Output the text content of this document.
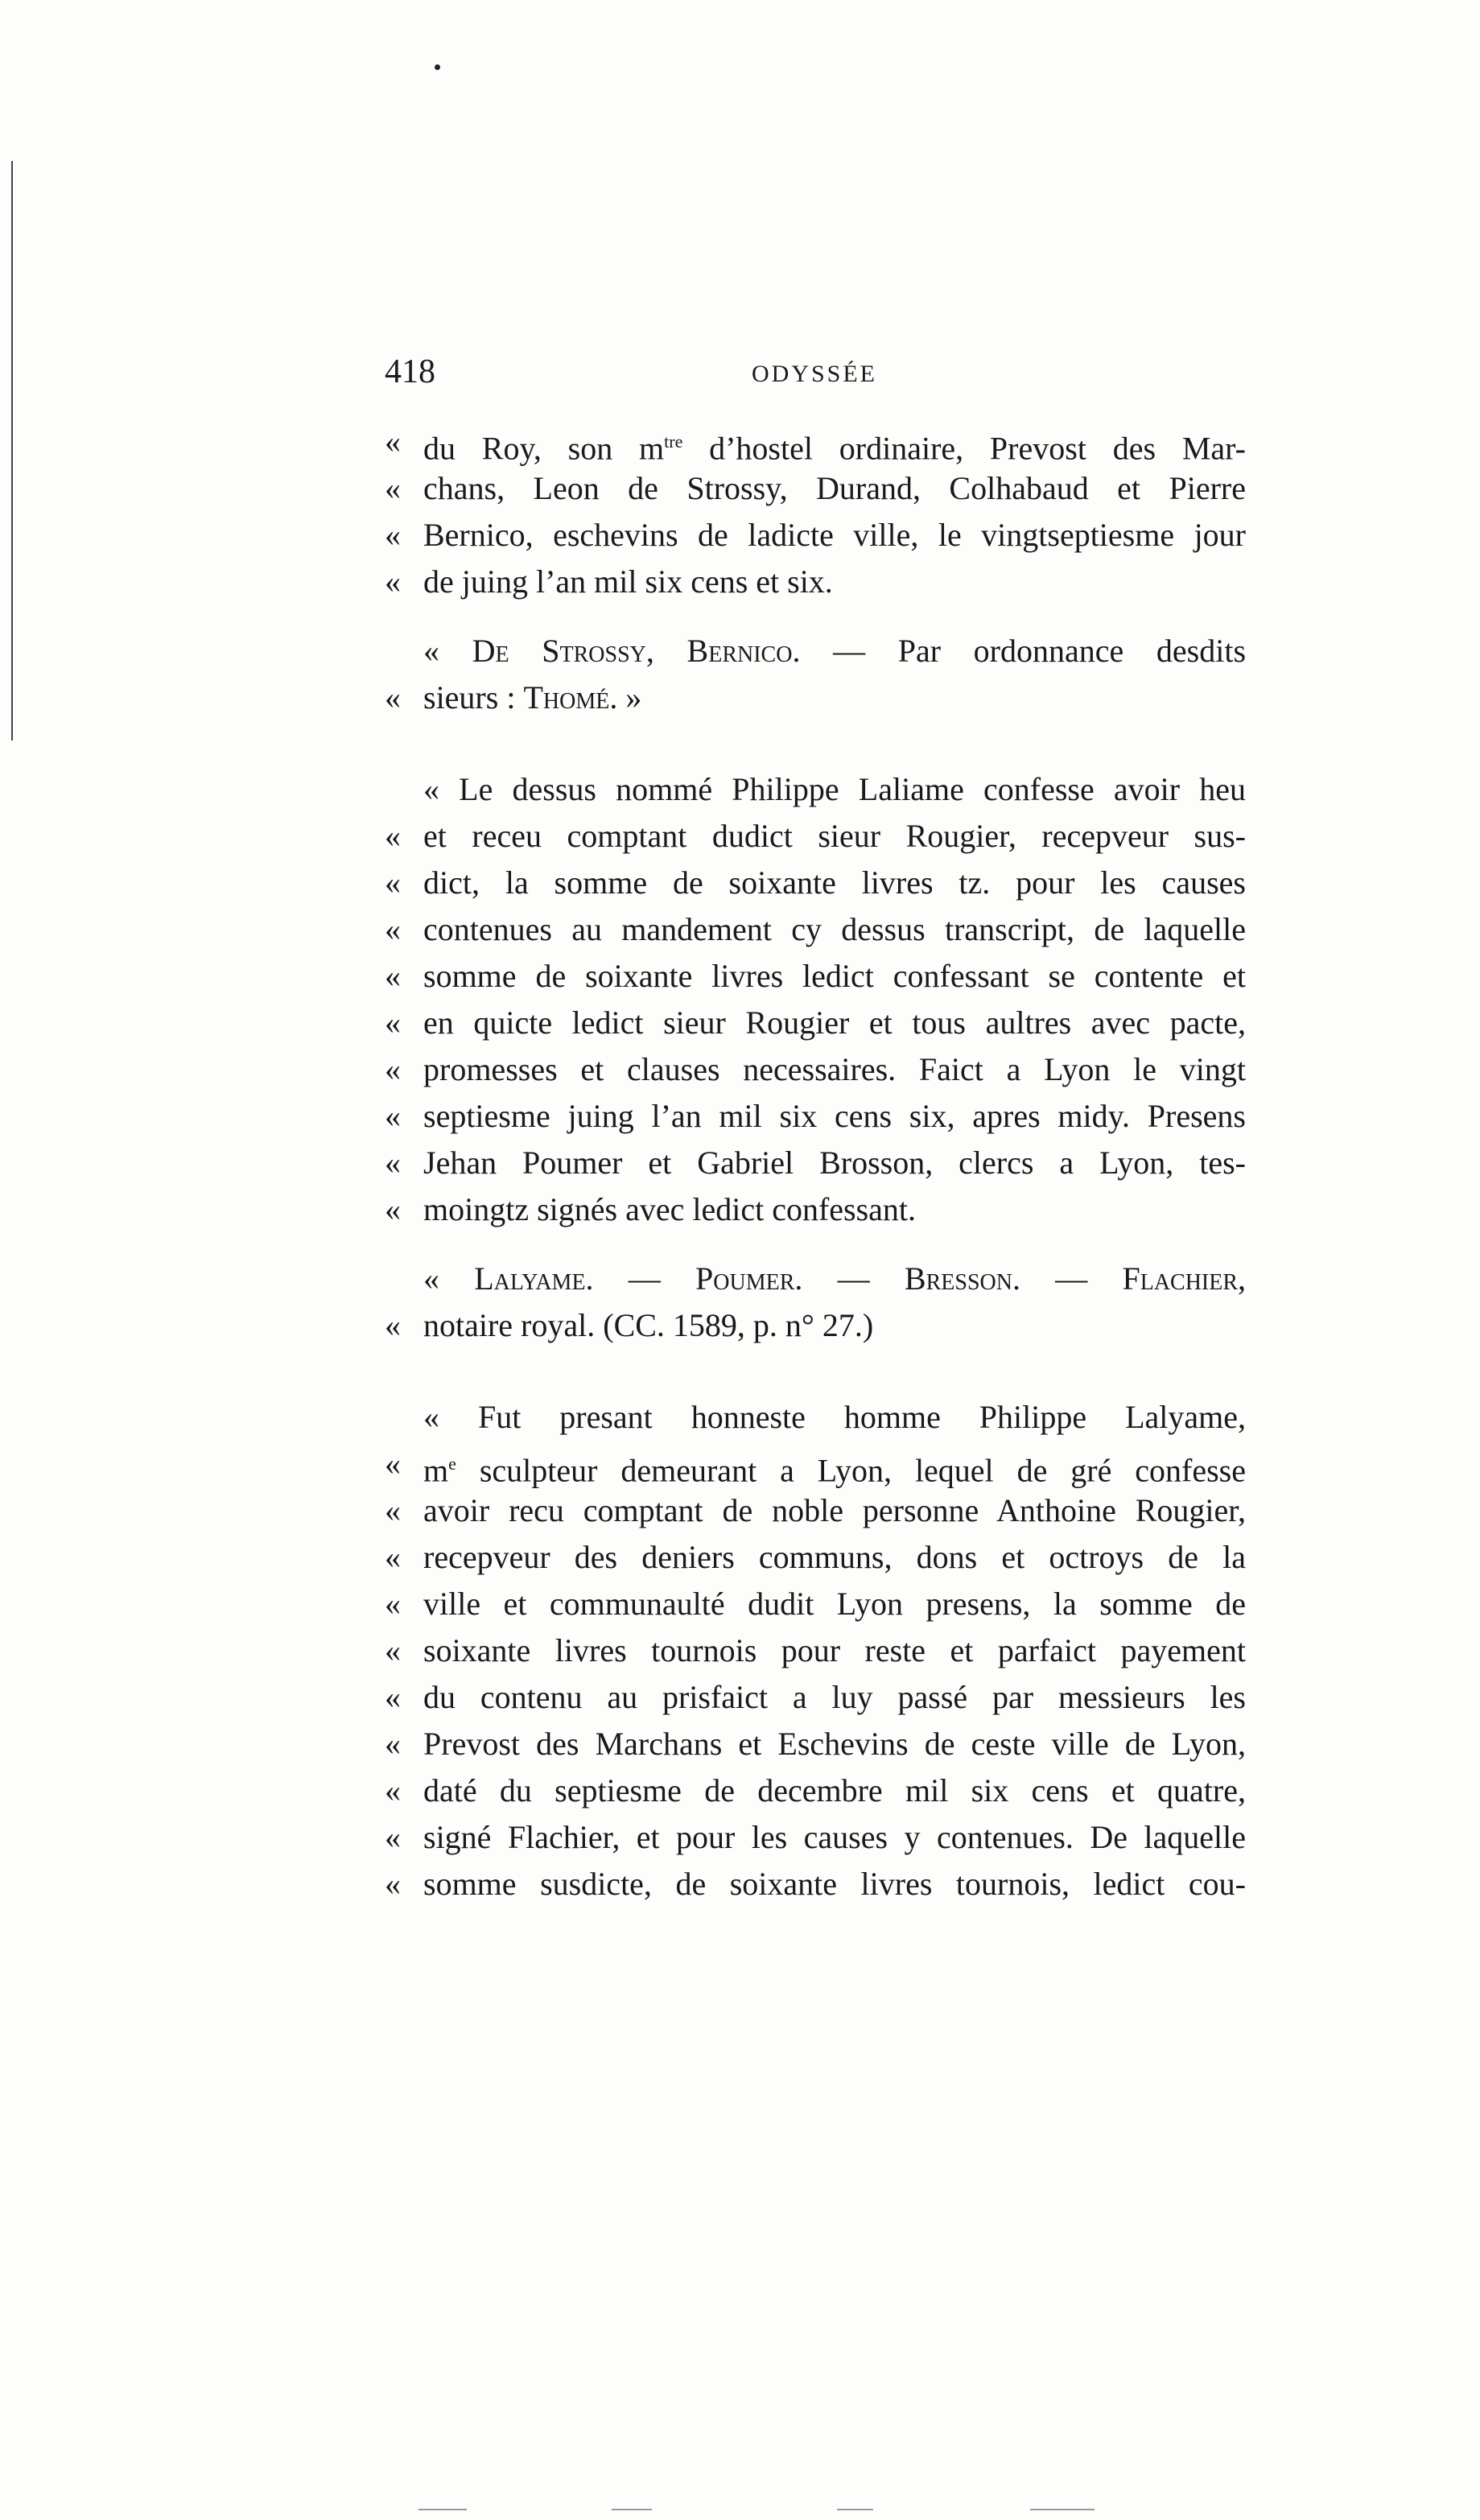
418	ODYSSÉE
« du Roy, son $m^{tre}$ d’hostel ordinaire, Prevost des Mar-
« chans, Leon de Strossy, Durand, Colhabaud et Pierre
« Bernico, eschevins de ladicte ville, le vingtseptiesme jour
« de juing l’an mil six cens et six.
« De Strossy, Bernico. — Par ordonnance desdits
« sieurs : Thomé. »
« Le dessus nommé Philippe Laliame confesse avoir heu
« et receu comptant dudict sieur Rougier, recepveur sus-
« dict, la somme de soixante livres tz. pour les causes
« contenues au mandement cy dessus transcript, de laquelle
« somme de soixante livres ledict confessant se contente et
« en quicte ledict sieur Rougier et tous aultres avec pacte,
« promesses et clauses necessaires. Faict a Lyon le vingt
« septiesme juing l’an mil six cens six, apres midy. Presens
« Jehan Poumer et Gabriel Brosson, clercs a Lyon, tes-
« moingtz signés avec ledict confessant.
« Lalyame. — Poumer. — Bresson. — Flachier,
« notaire royal. (CC. 1589, p. n° 27.)
« Fut presant honneste homme Philippe Lalyame,
« $m^e$ sculpteur demeurant a Lyon, lequel de gré confesse
« avoir recu comptant de noble personne Anthoine Rougier,
« recepveur des deniers communs, dons et octroys de la
« ville et communaulté dudit Lyon presens, la somme de
« soixante livres tournois pour reste et parfaict payement
« du contenu au prisfaict a luy passé par messieurs les
« Prevost des Marchans et Eschevins de ceste ville de Lyon,
« daté du septiesme de decembre mil six cens et quatre,
« signé Flachier, et pour les causes y contenues. De laquelle
« somme susdicte, de soixante livres tournois, ledict cou-
